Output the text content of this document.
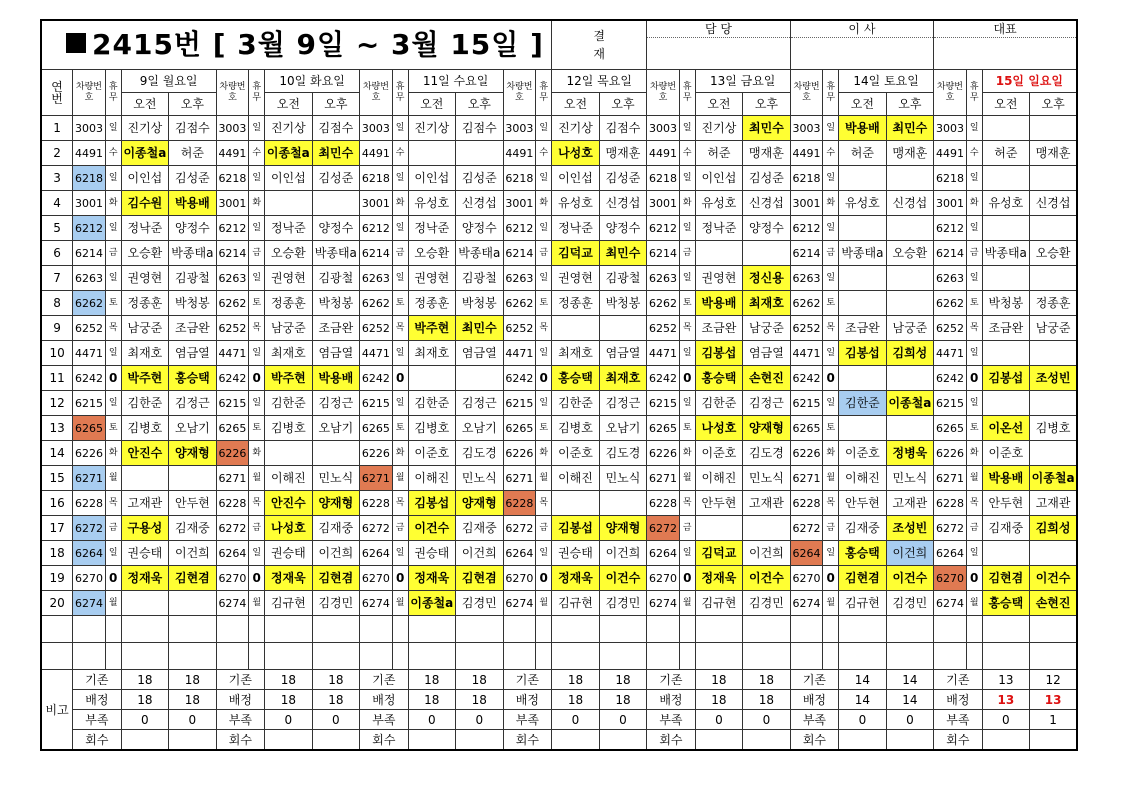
2415번 [ 3월 9일 ~ 3월 15일 ]															결
재		담 당				이 사				대표			

연번	차량번호	휴무	9일 월요일		차량번호	휴무	10일 화요일		차량번호	휴무	11일 수요일		차량번호	휴무	12일 목요일		차량번호	휴무	13일 금요일		차량번호	휴무	14일 토요일		차량번호	휴무	15일 일요일	
			오전	오후			오전	오후			오전	오후			오전	오후			오전	오후			오전	오후			오전	오후
1	3003	일	진기상	김점수	3003	일	진기상	김점수	3003	일	진기상	김점수	3003	일	진기상	김점수	3003	일	진기상	최민수	3003	일	박용배	최민수	3003	일		
2	4491	수	이종철a	허준	4491	수	이종철a	최민수	4491	수			4491	수	나성호	맹재훈	4491	수	허준	맹재훈	4491	수	허준	맹재훈	4491	수	허준	맹재훈
3	6218	일	이인섭	김성준	6218	일	이인섭	김성준	6218	일	이인섭	김성준	6218	일	이인섭	김성준	6218	일	이인섭	김성준	6218	일			6218	일		
4	3001	화	김수원	박용배	3001	화			3001	화	유성호	신경섭	3001	화	유성호	신경섭	3001	화	유성호	신경섭	3001	화	유성호	신경섭	3001	화	유성호	신경섭
5	6212	일	정낙준	양정수	6212	일	정낙준	양정수	6212	일	정낙준	양정수	6212	일	정낙준	양정수	6212	일	정낙준	양정수	6212	일			6212	일		
6	6214	금	오승환	박종태a	6214	금	오승환	박종태a	6214	금	오승환	박종태a	6214	금	김덕교	최민수	6214	금			6214	금	박종태a	오승환	6214	금	박종태a	오승환
7	6263	일	권영현	김광철	6263	일	권영현	김광철	6263	일	권영현	김광철	6263	일	권영현	김광철	6263	일	권영현	정신용	6263	일			6263	일		
8	6262	토	정종훈	박청봉	6262	토	정종훈	박청봉	6262	토	정종훈	박청봉	6262	토	정종훈	박청봉	6262	토	박용배	최재호	6262	토			6262	토	박청봉	정종훈
9	6252	목	남궁준	조금완	6252	목	남궁준	조금완	6252	목	박주현	최민수	6252	목			6252	목	조금완	남궁준	6252	목	조금완	남궁준	6252	목	조금완	남궁준
10	4471	일	최재호	염금열	4471	일	최재호	염금열	4471	일	최재호	염금열	4471	일	최재호	염금열	4471	일	김봉섭	염금열	4471	일	김봉섭	김희성	4471	일		
11	6242	0	박주현	홍승택	6242	0	박주현	박용배	6242	0			6242	0	홍승택	최재호	6242	0	홍승택	손현진	6242	0			6242	0	김봉섭	조성빈
12	6215	일	김한준	김정근	6215	일	김한준	김정근	6215	일	김한준	김정근	6215	일	김한준	김정근	6215	일	김한준	김정근	6215	일	김한준	이종철a	6215	일		
13	6265	토	김병호	오남기	6265	토	김병호	오남기	6265	토	김병호	오남기	6265	토	김병호	오남기	6265	토	나성호	양재형	6265	토			6265	토	이온선	김병호
14	6226	화	안진수	양재형	6226	화			6226	화	이준호	김도경	6226	화	이준호	김도경	6226	화	이준호	김도경	6226	화	이준호	정병욱	6226	화	이준호	
15	6271	월			6271	월	이해진	민노식	6271	월	이해진	민노식	6271	월	이해진	민노식	6271	월	이해진	민노식	6271	월	이해진	민노식	6271	월	박용배	이종철a
16	6228	목	고재관	안두현	6228	목	안진수	양재형	6228	목	김봉섭	양재형	6228	목			6228	목	안두현	고재관	6228	목	안두현	고재관	6228	목	안두현	고재관
17	6272	금	구용성	김재중	6272	금	나성호	김재중	6272	금	이건수	김재중	6272	금	김봉섭	양재형	6272	금			6272	금	김재중	조성빈	6272	금	김재중	김희성
18	6264	일	권승태	이건희	6264	일	권승태	이건희	6264	일	권승태	이건희	6264	일	권승태	이건희	6264	일	김덕교	이건희	6264	일	홍승택	이건희	6264	일		
19	6270	0	정재욱	김현겸	6270	0	정재욱	김현겸	6270	0	정재욱	김현겸	6270	0	정재욱	이건수	6270	0	정재욱	이건수	6270	0	김현겸	이건수	6270	0	김현겸	이건수
20	6274	월			6274	월	김규현	김경민	6274	월	이종철a	김경민	6274	월	김규현	김경민	6274	월	김규현	김경민	6274	월	김규현	김경민	6274	월	홍승택	손현진

비고	기존		18	18	기존		18	18	기존		18	18	기존		18	18	기존		18	18	기존		14	14	기존		13	12
	배정		18	18	배정		18	18	배정		18	18	배정		18	18	배정		18	18	배정		14	14	배정		13	13
	부족		0	0	부족		0	0	부족		0	0	부족		0	0	부족		0	0	부족		0	0	부족		0	1
	회수				회수				회수				회수				회수				회수				회수			
